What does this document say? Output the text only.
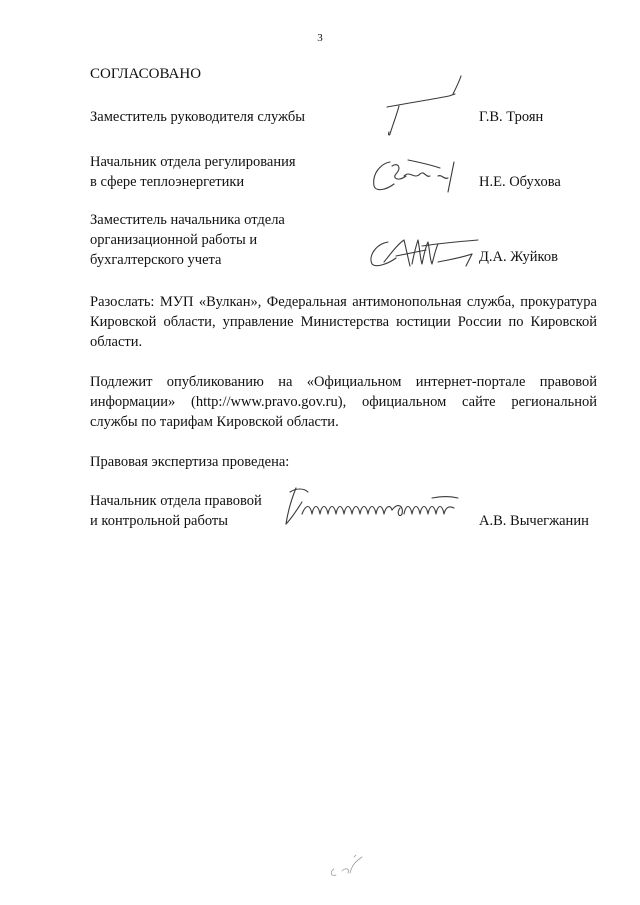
3
СОГЛАСОВАНО
Заместитель руководителя службы	Г.В. Троян
Начальник отдела регулирования
в сфере теплоэнергетики	Н.Е. Обухова
Заместитель начальника отдела
организационной работы и
бухгалтерского учета	Д.А. Жуйков
Разослать: МУП «Вулкан», Федеральная антимонопольная служба, прокуратура Кировской области, управление Министерства юстиции России по Кировской области.
Подлежит опубликованию на «Официальном интернет-портале правовой информации» (http://www.pravo.gov.ru), официальном сайте региональной службы по тарифам Кировской области.
Правовая экспертиза проведена:
Начальник отдела правовой
и контрольной работы	А.В. Вычегжанин
